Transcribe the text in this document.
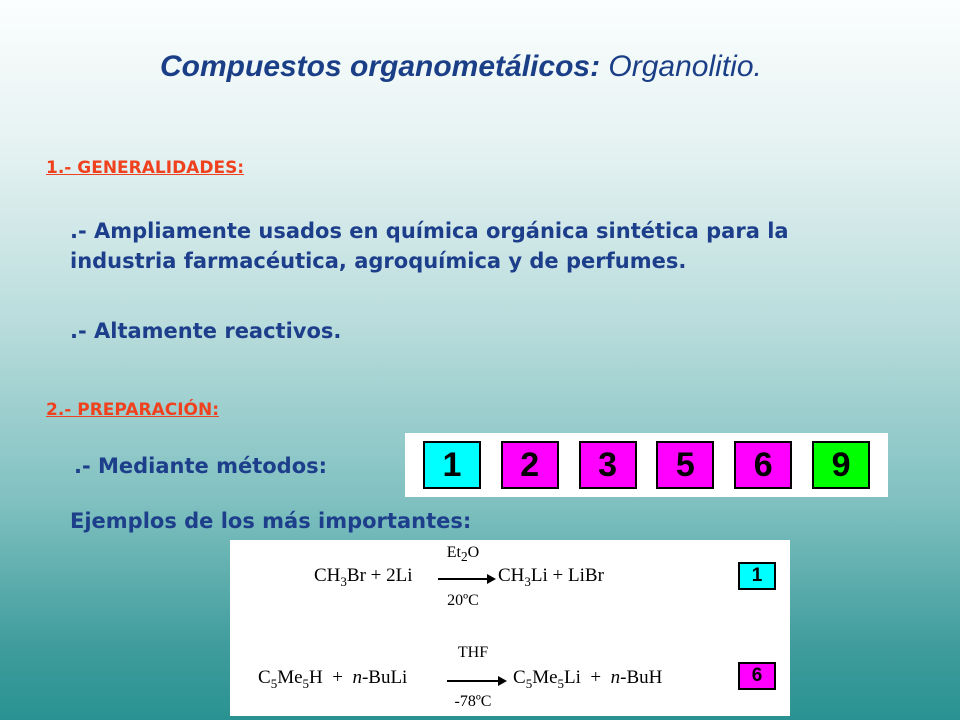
Compuestos organometálicos: Organolitio.
1.- GENERALIDADES:

.- Ampliamente usados en química orgánica sintética para la industria farmacéutica, agroquímica y de perfumes.

.- Altamente reactivos.

2.- PREPARACIÓN:

.- Mediante métodos:	1	2	3	5	6	9

Ejemplos de los más importantes:

$CH_3Br + 2Li$
$Et_2O$
20ºC
$CH_3Li$ + LiBr	1
$C_5Me_5H$  +  n-BuLi
THF
-78ºC
$C_5Me_5Li + n-BuH$	6
